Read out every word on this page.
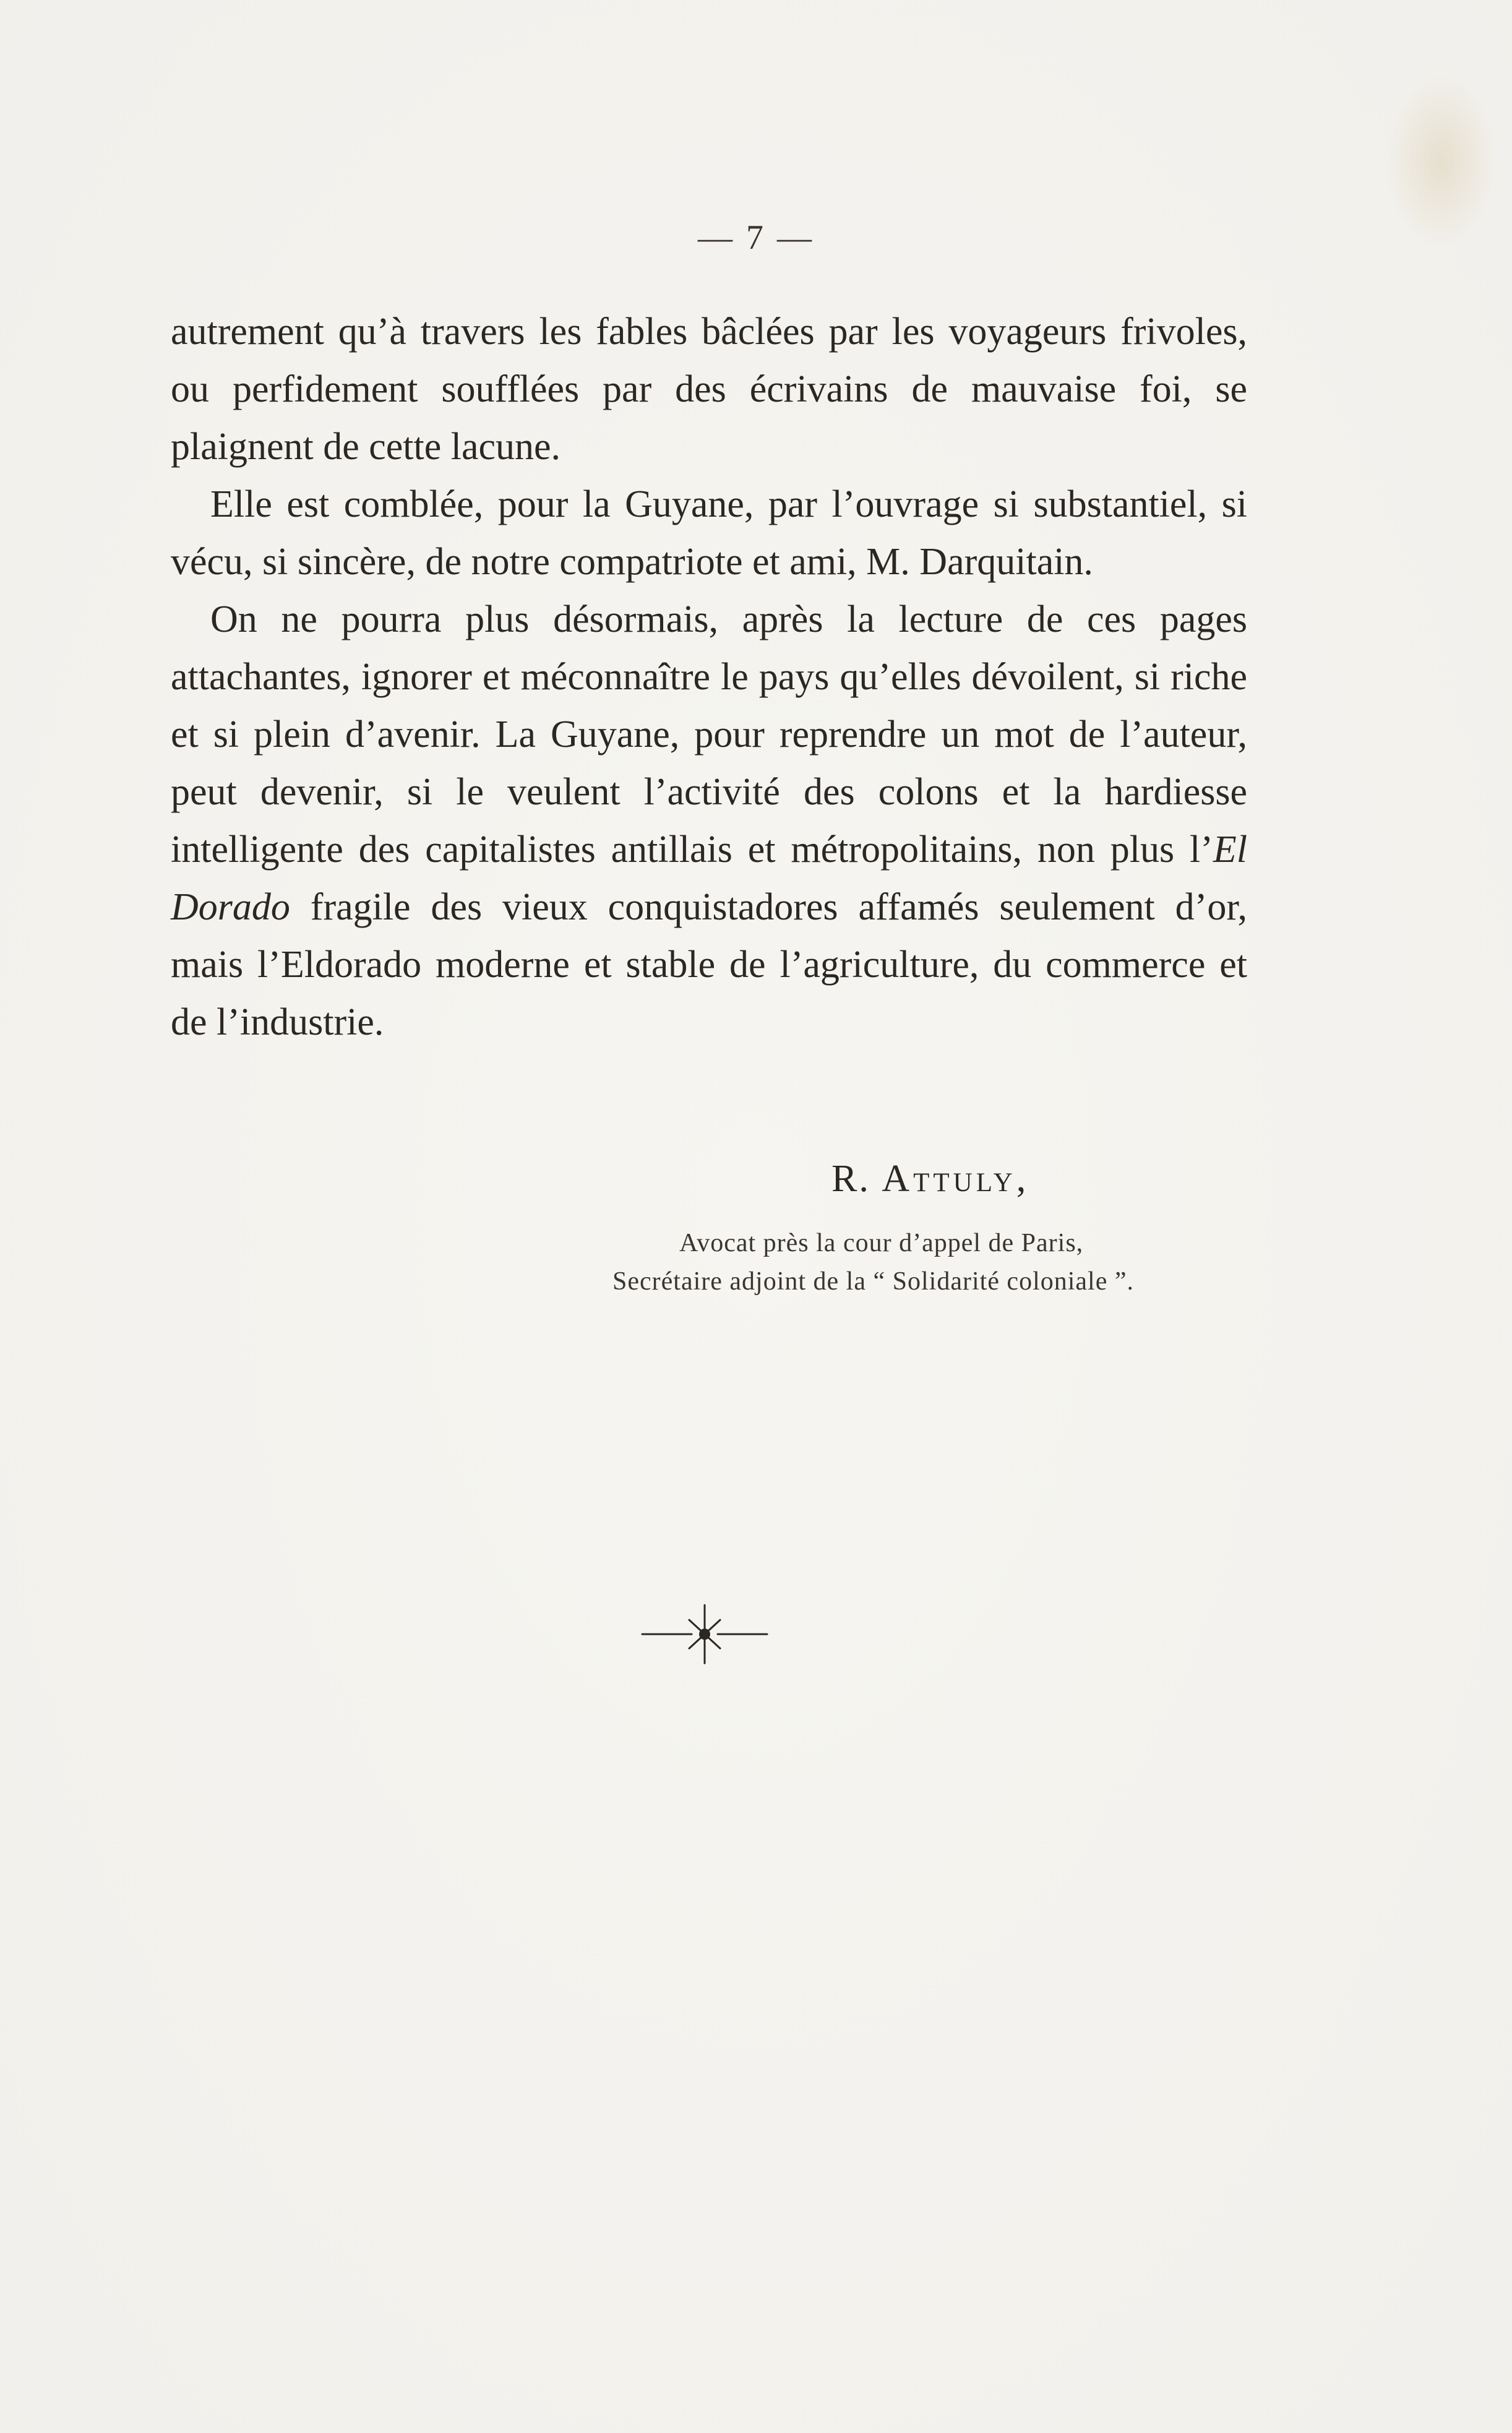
— 7 —

autrement qu’à travers les fables bâclées par les voyageurs frivoles, ou perfidement soufflées par des écrivains de mauvaise foi, se plaignent de cette lacune.

Elle est comblée, pour la Guyane, par l’ouvrage si substantiel, si vécu, si sincère, de notre compatriote et ami, M. Darquitain.

On ne pourra plus désormais, après la lecture de ces pages attachantes, ignorer et méconnaître le pays qu’elles dévoilent, si riche et si plein d’avenir. La Guyane, pour reprendre un mot de l’auteur, peut devenir, si le veulent l’activité des colons et la hardiesse intelligente des capitalistes antillais et métropolitains, non plus l’El Dorado fragile des vieux conquistadores affamés seulement d’or, mais l’Eldorado moderne et stable de l’agriculture, du commerce et de l’industrie.

R. Attuly,
Avocat près la cour d’appel de Paris,
Secrétaire adjoint de la “ Solidarité coloniale ”.
